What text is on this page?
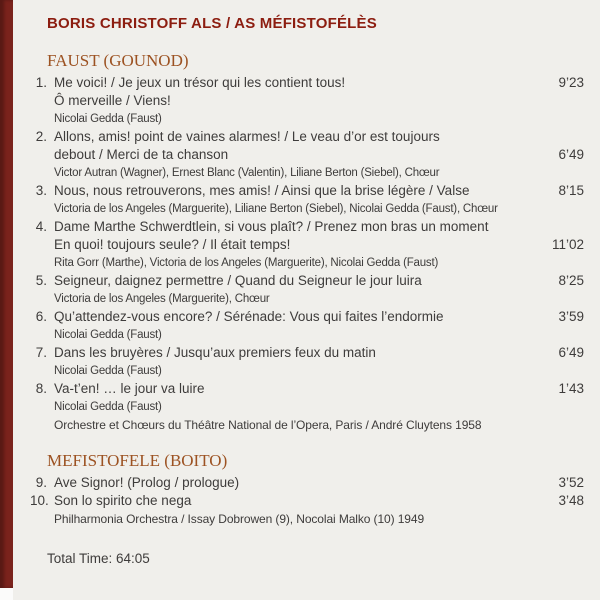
BORIS CHRISTOFF ALS / AS MÉFISTOFÉLÈS
FAUST (GOUNOD)
1. Me voici! / Je jeux un trésor qui les contient tous!	9’23
Ô merveille / Viens!
Nicolai Gedda (Faust)
2. Allons, amis! point de vaines alarmes! / Le veau d’or est toujours
debout / Merci de ta chanson	6’49
Victor Autran (Wagner), Ernest Blanc (Valentin), Liliane Berton (Siebel), Chœur
3. Nous, nous retrouverons, mes amis! / Ainsi que la brise légère / Valse	8’15
Victoria de los Angeles (Marguerite), Liliane Berton (Siebel), Nicolai Gedda (Faust), Chœur
4. Dame Marthe Schwerdtlein, si vous plaît? / Prenez mon bras un moment
En quoi! toujours seule? / Il était temps!	11’02
Rita Gorr (Marthe), Victoria de los Angeles (Marguerite), Nicolai Gedda (Faust)
5. Seigneur, daignez permettre / Quand du Seigneur le jour luira	8’25
Victoria de los Angeles (Marguerite), Chœur
6. Qu’attendez-vous encore? / Sérénade: Vous qui faites l’endormie	3’59
Nicolai Gedda (Faust)
7. Dans les bruyères / Jusqu’aux premiers feux du matin	6’49
Nicolai Gedda (Faust)
8. Va-t’en! … le jour va luire	1’43
Nicolai Gedda (Faust)
Orchestre et Chœurs du Théâtre National de l’Opera, Paris / André Cluytens 1958
MEFISTOFELE (BOITO)
9. Ave Signor! (Prolog / prologue)	3’52
10. Son lo spirito che nega	3’48
Philharmonia Orchestra / Issay Dobrowen (9), Nocolai Malko (10) 1949
Total Time: 64:05
